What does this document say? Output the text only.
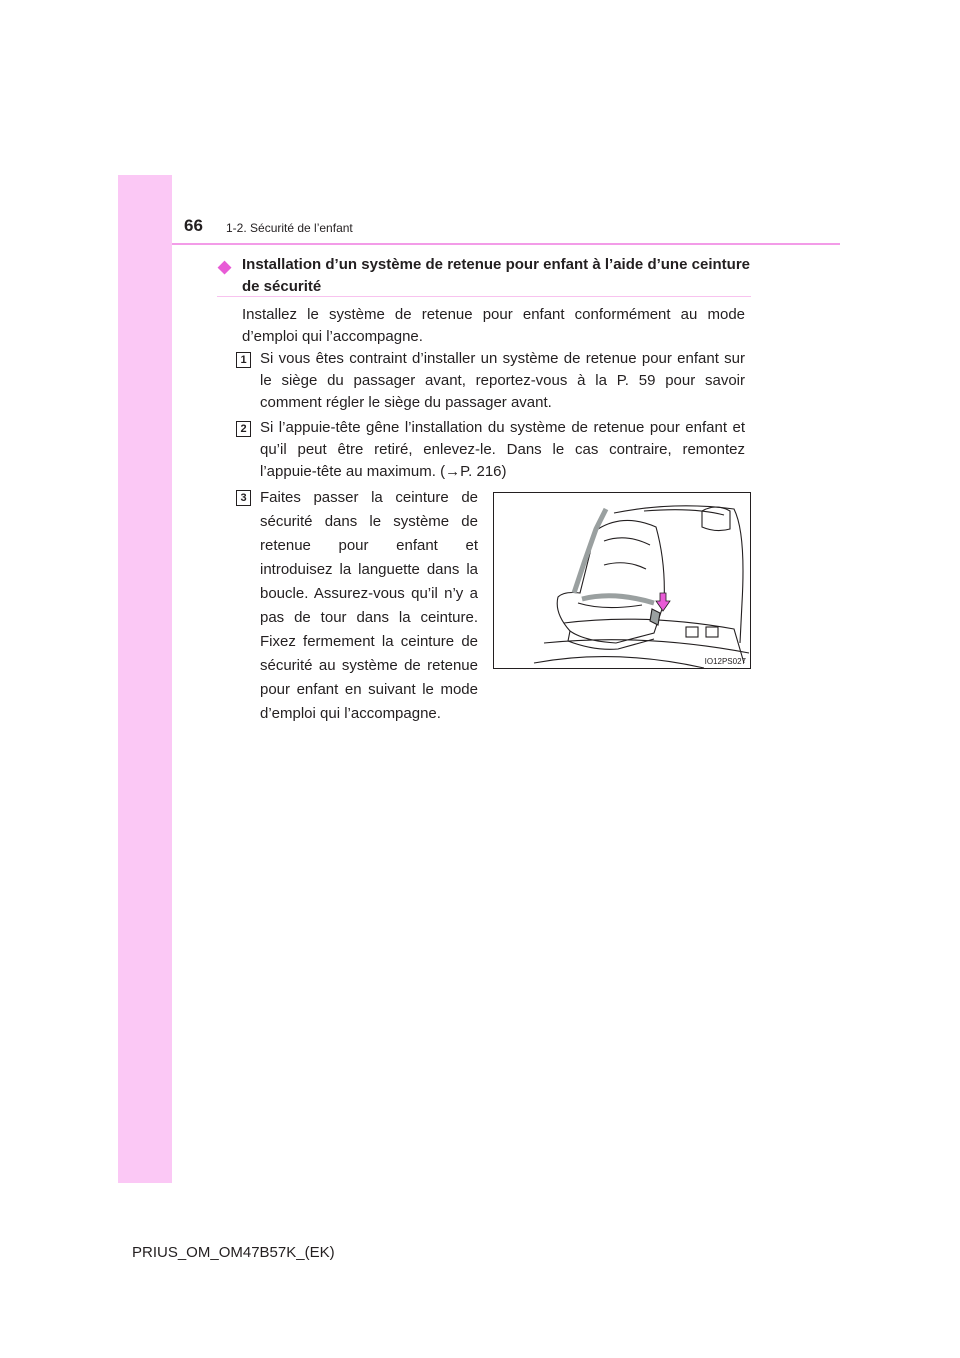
66 1-2. Sécurité de l’enfant
◆ Installation d’un système de retenue pour enfant à l’aide d’une ceinture de sécurité
Installez le système de retenue pour enfant conformément au mode d’emploi qui l’accompagne.
1 Si vous êtes contraint d’installer un système de retenue pour enfant sur le siège du passager avant, reportez-vous à la P. 59 pour savoir comment régler le siège du passager avant.
2 Si l’appuie-tête gêne l’installation du système de retenue pour enfant et qu’il peut être retiré, enlevez-le. Dans le cas contraire, remontez l’appuie-tête au maximum. (→P. 216)
3 Faites passer la ceinture de sécurité dans le système de retenue pour enfant et introduisez la languette dans la boucle. Assurez-vous qu’il n’y a pas de tour dans la ceinture. Fixez fermement la ceinture de sécurité au système de retenue pour enfant en suivant le mode d’emploi qui l’accompagne.
IO12PS027
PRIUS_OM_OM47B57K_(EK)
